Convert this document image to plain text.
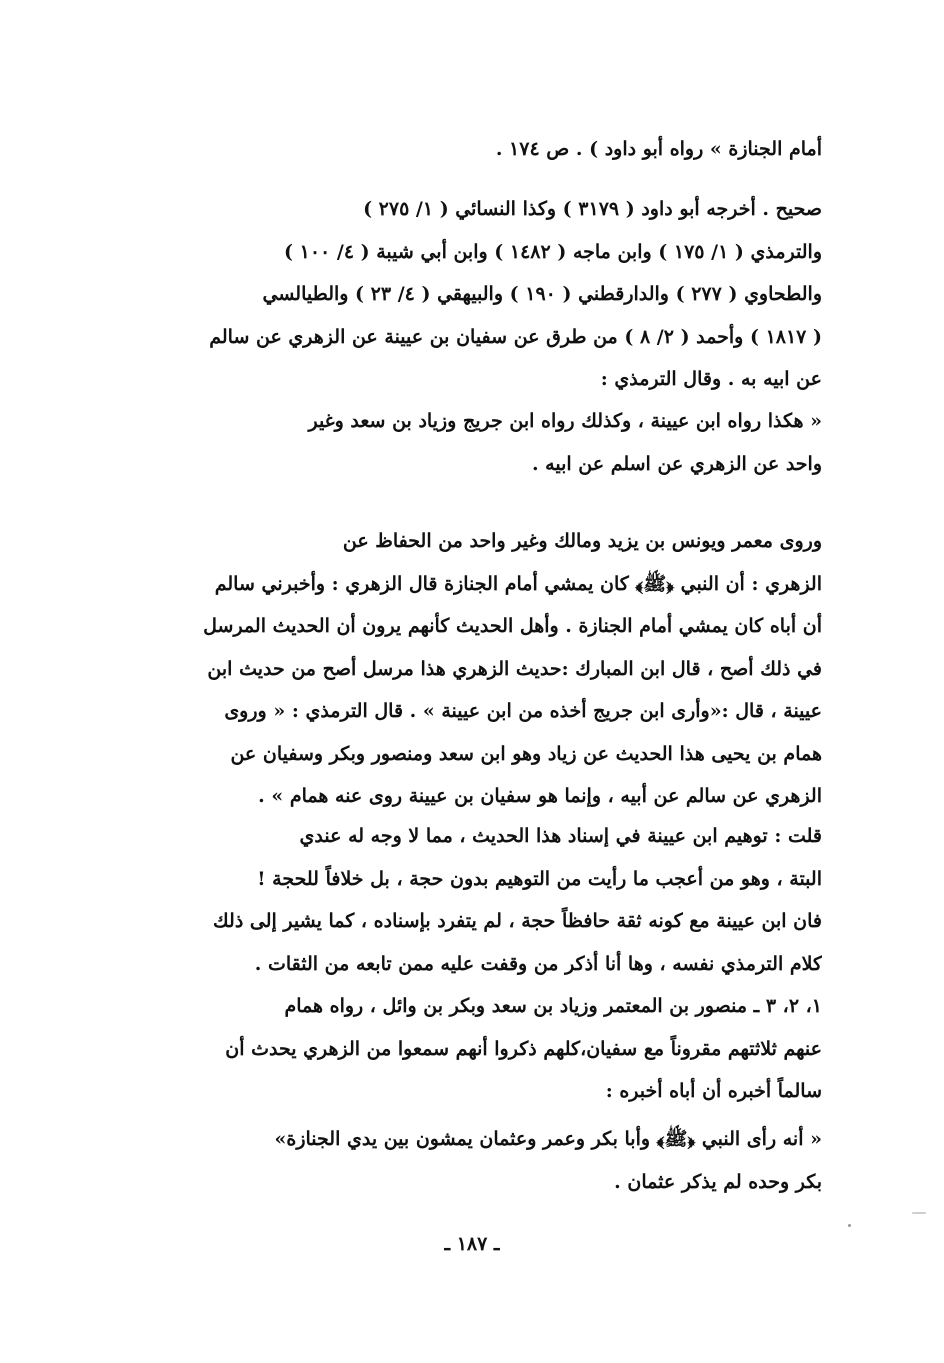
أمام الجنازة » رواه أبو داود ) . ص ١٧٤ .
صحيح . أخرجه أبو داود ( ٣١٧٩ ) وكذا النسائي ( ١/ ٢٧٥ )
والترمذي ( ١/ ١٧٥ ) وابن ماجه ( ١٤٨٢ ) وابن أبي شيبة ( ٤/ ١٠٠ )
والطحاوي ( ٢٧٧ ) والدارقطني ( ١٩٠ ) والبيهقي ( ٤/ ٢٣ ) والطيالسي
( ١٨١٧ ) وأحمد ( ٢/ ٨ ) من طرق عن سفيان بن عيينة عن الزهري عن سالم
عن ابيه به . وقال الترمذي :
« هكذا رواه ابن عيينة ، وكذلك رواه ابن جريج وزياد بن سعد وغير
واحد عن الزهري عن اسلم عن ابيه .
وروى معمر ويونس بن يزيد ومالك وغير واحد من الحفاظ عن
الزهري : أن النبي ﴿ﷺ﴾ كان يمشي أمام الجنازة قال الزهري : وأخبرني سالم
أن أباه كان يمشي أمام الجنازة . وأهل الحديث كأنهم يرون أن الحديث المرسل
في ذلك أصح ، قال ابن المبارك :حديث الزهري هذا مرسل أصح من حديث ابن
عيينة ، قال :«وأرى ابن جريج أخذه من ابن عيينة » . قال الترمذي : « وروى
همام بن يحيى هذا الحديث عن زياد وهو ابن سعد ومنصور وبكر وسفيان عن
الزهري عن سالم عن أبيه ، وإنما هو سفيان بن عيينة روى عنه همام » .
قلت : توهيم ابن عيينة في إسناد هذا الحديث ، مما لا وجه له عندي
البتة ، وهو من أعجب ما رأيت من التوهيم بدون حجة ، بل خلافاً للحجة !
فان ابن عيينة مع كونه ثقة حافظاً حجة ، لم يتفرد بإسناده ، كما يشير إلى ذلك
كلام الترمذي نفسه ، وها أنا أذكر من وقفت عليه ممن تابعه من الثقات .
١، ٢، ٣ ـ منصور بن المعتمر وزياد بن سعد وبكر بن وائل ، رواه همام
عنهم ثلاثتهم مقروناً مع سفيان،كلهم ذكروا أنهم سمعوا من الزهري يحدث أن
سالماً أخبره أن أباه أخبره :
« أنه رأى النبي ﴿ﷺ﴾ وأبا بكر وعمر وعثمان يمشون بين يدي الجنازة»
بكر وحده لم يذكر عثمان .
ـ ١٨٧ ـ
